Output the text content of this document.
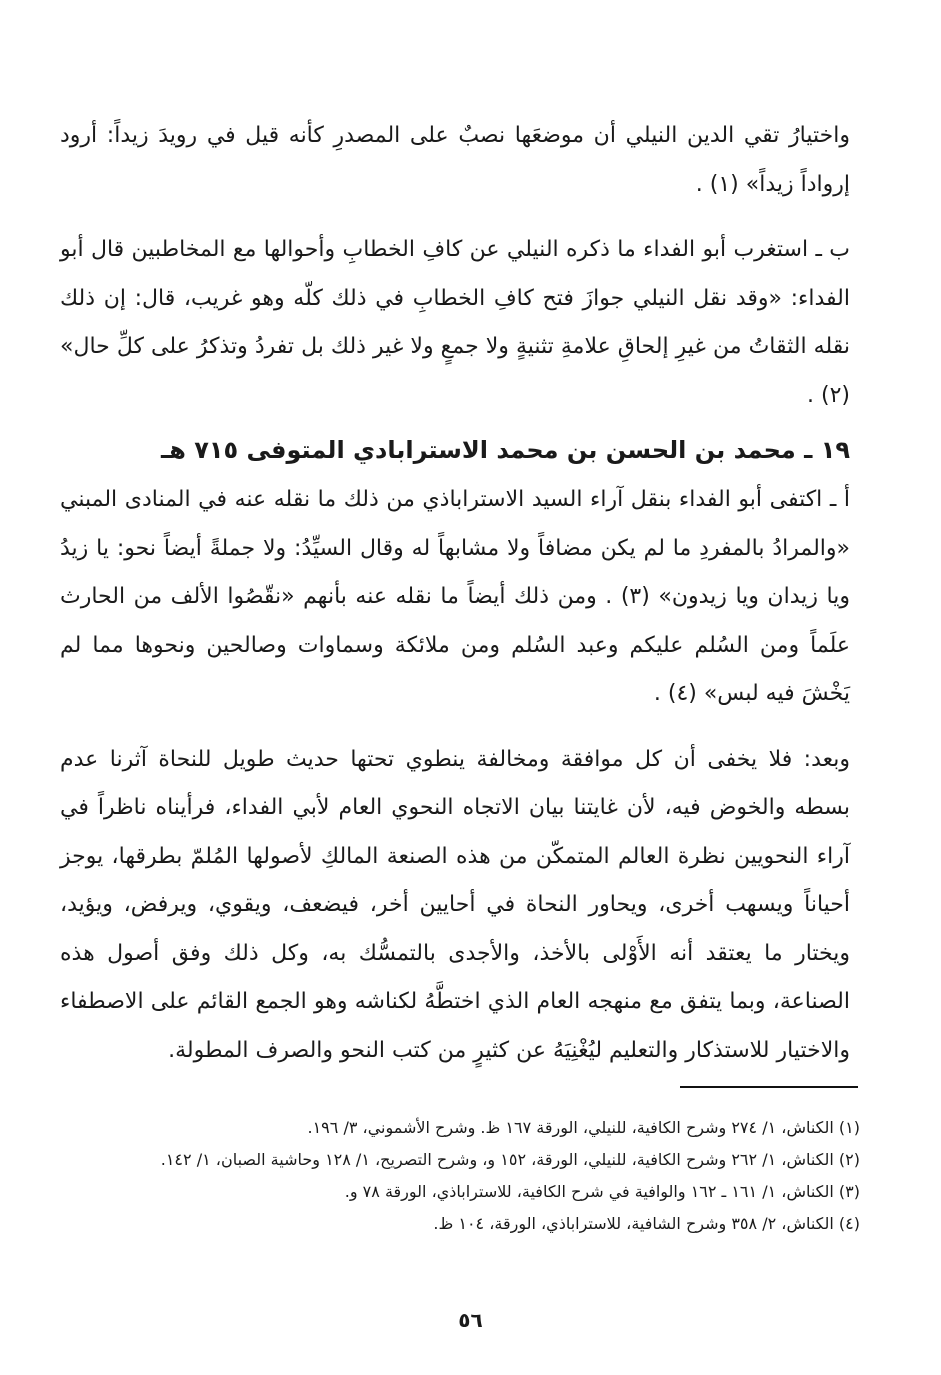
واختيارُ تقي الدين النيلي أن موضعَها نصبٌ على المصدرِ كأنه قيل في رويدَ زيداً: أرود إرواداً زيداً» (١) .

ب ـ استغرب أبو الفداء ما ذكره النيلي عن كافِ الخطابِ وأحوالها مع المخاطبين قال أبو الفداء: «وقد نقل النيلي جوازَ فتح كافِ الخطابِ في ذلك كلّه وهو غريب، قال: إن ذلك نقله الثقاتُ من غيرِ إلحاقِ علامةِ تثنيةٍ ولا جمعٍ ولا غير ذلك بل تفردُ وتذكرُ على كلِّ حال» (٢) .

١٩ ـ محمد بن الحسن بن محمد الاسترابادي المتوفى ٧١٥ هـ

أ ـ اكتفى أبو الفداء بنقل آراء السيد الاستراباذي من ذلك ما نقله عنه في المنادى المبني «والمرادُ بالمفردِ ما لم يكن مضافاً ولا مشابهاً له وقال السيِّدُ: ولا جملةً أيضاً نحو: يا زيدُ ويا زيدان ويا زيدون» (٣) . ومن ذلك أيضاً ما نقله عنه بأنهم «نقّصُوا الألف من الحارث علَماً ومن السُلم عليكم وعبد السُلم ومن ملائكة وسماوات وصالحين ونحوها مما لم يَخْشَ فيه لبس» (٤) .

وبعد: فلا يخفى أن كل موافقة ومخالفة ينطوي تحتها حديث طويل للنحاة آثرنا عدم بسطه والخوض فيه، لأن غايتنا بيان الاتجاه النحوي العام لأبي الفداء، فرأيناه ناظراً في آراء النحويين نظرة العالم المتمكّن من هذه الصنعة المالكِ لأصولها المُلمّ بطرقها، يوجز أحياناً ويسهب أخرى، ويحاور النحاة في أحايين أخر، فيضعف، ويقوي، ويرفض، ويؤيد، ويختار ما يعتقد أنه الأَوْلى بالأخذ، والأجدى بالتمسُّك به، وكل ذلك وفق أصول هذه الصناعة، وبما يتفق مع منهجه العام الذي اختطَّهُ لكناشه وهو الجمع القائم على الاصطفاء والاختيار للاستذكار والتعليم ليُغْنِيَهُ عن كثيرٍ من كتب النحو والصرف المطولة.

(١) الكناش، ١/ ٢٧٤ وشرح الكافية، للنيلي، الورقة ١٦٧ ظ. وشرح الأشموني، ٣/ ١٩٦.

(٢) الكناش، ١/ ٢٦٢ وشرح الكافية، للنيلي، الورقة، ١٥٢ و، وشرح التصريح، ١/ ١٢٨ وحاشية الصبان، ١/ ١٤٢.

(٣) الكناش، ١/ ١٦١ ـ ١٦٢ والوافية في شرح الكافية، للاستراباذي، الورقة ٧٨ و.

(٤) الكناش، ٢/ ٣٥٨ وشرح الشافية، للاستراباذي، الورقة، ١٠٤ ظ.

٥٦
